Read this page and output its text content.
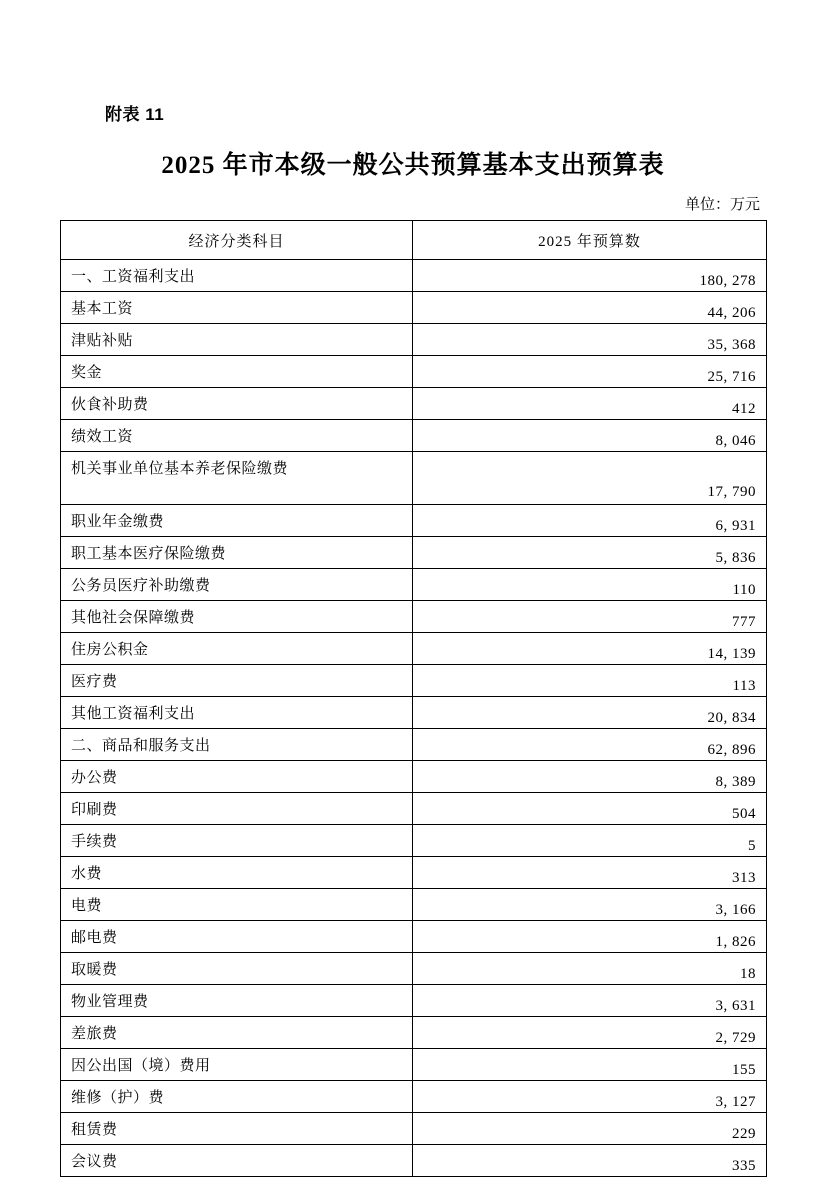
附表 11
2025 年市本级一般公共预算基本支出预算表
单位：万元
经济分类科目	2025 年预算数
一、工资福利支出	180, 278
基本工资	44, 206
津贴补贴	35, 368
奖金	25, 716
伙食补助费	412
绩效工资	8, 046
机关事业单位基本养老保险缴费	17, 790
职业年金缴费	6, 931
职工基本医疗保险缴费	5, 836
公务员医疗补助缴费	110
其他社会保障缴费	777
住房公积金	14, 139
医疗费	113
其他工资福利支出	20, 834
二、商品和服务支出	62, 896
办公费	8, 389
印刷费	504
手续费	5
水费	313
电费	3, 166
邮电费	1, 826
取暖费	18
物业管理费	3, 631
差旅费	2, 729
因公出国（境）费用	155
维修（护）费	3, 127
租赁费	229
会议费	335
